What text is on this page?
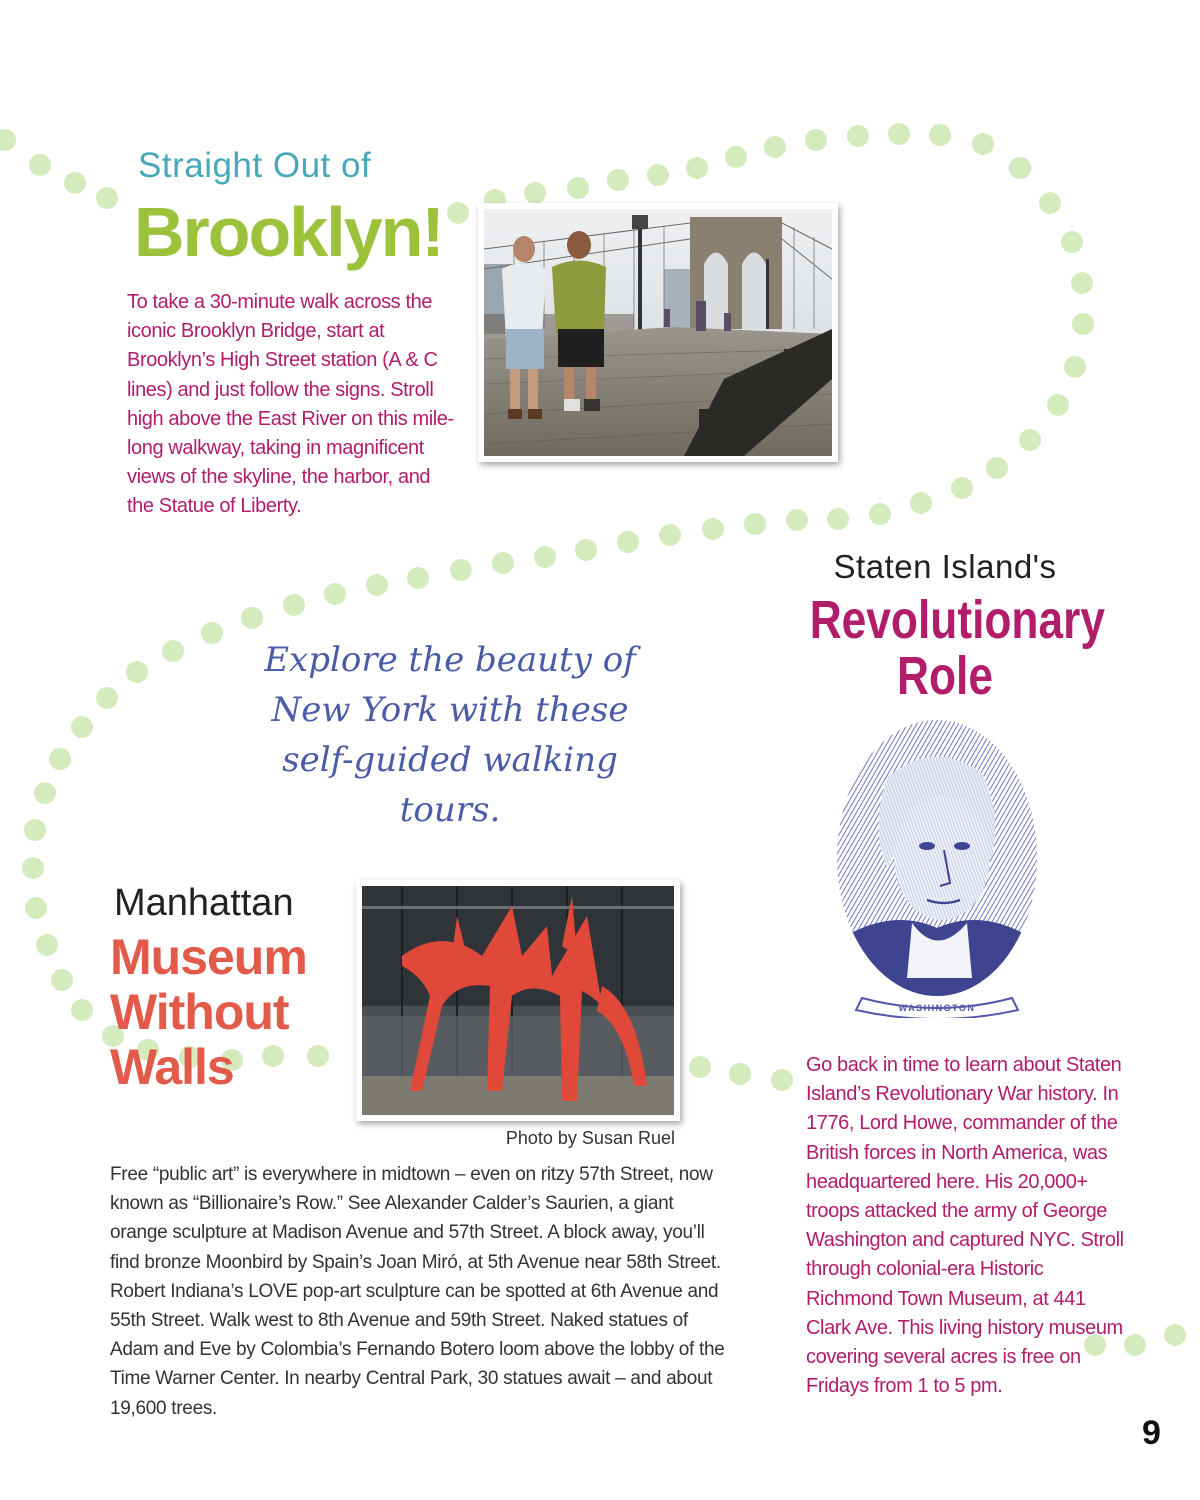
Straight Out of
Brooklyn!
To take a 30-minute walk across the iconic Brooklyn Bridge, start at Brooklyn’s High Street station (A & C lines) and just follow the signs. Stroll high above the East River on this mile-long walkway, taking in magnificent views of the skyline, the harbor, and the Statue of Liberty.
Explore the beauty of
New York with these
self-guided walking tours.
Staten Island's
Revolutionary
Role
WASHINGTON
Go back in time to learn about Staten Island’s Revolutionary War history. In 1776, Lord Howe, commander of the British forces in North America, was headquartered here. His 20,000+ troops attacked the army of George Washington and captured NYC. Stroll through colonial-era Historic Richmond Town Museum, at 441 Clark Ave. This living history museum covering several acres is free on Fridays from 1 to 5 pm.
Manhattan
Museum
Without
Walls
Photo by Susan Ruel
Free “public art” is everywhere in midtown – even on ritzy 57th Street, now known as “Billionaire’s Row.” See Alexander Calder’s Saurien, a giant orange sculpture at Madison Avenue and 57th Street. A block away, you’ll find bronze Moonbird by Spain’s Joan Miró, at 5th Avenue near 58th Street. Robert Indiana’s LOVE pop-art sculpture can be spotted at 6th Avenue and 55th Street. Walk west to 8th Avenue and 59th Street. Naked statues of Adam and Eve by Colombia’s Fernando Botero loom above the lobby of the Time Warner Center. In nearby Central Park, 30 statues await – and about 19,600 trees.
9
